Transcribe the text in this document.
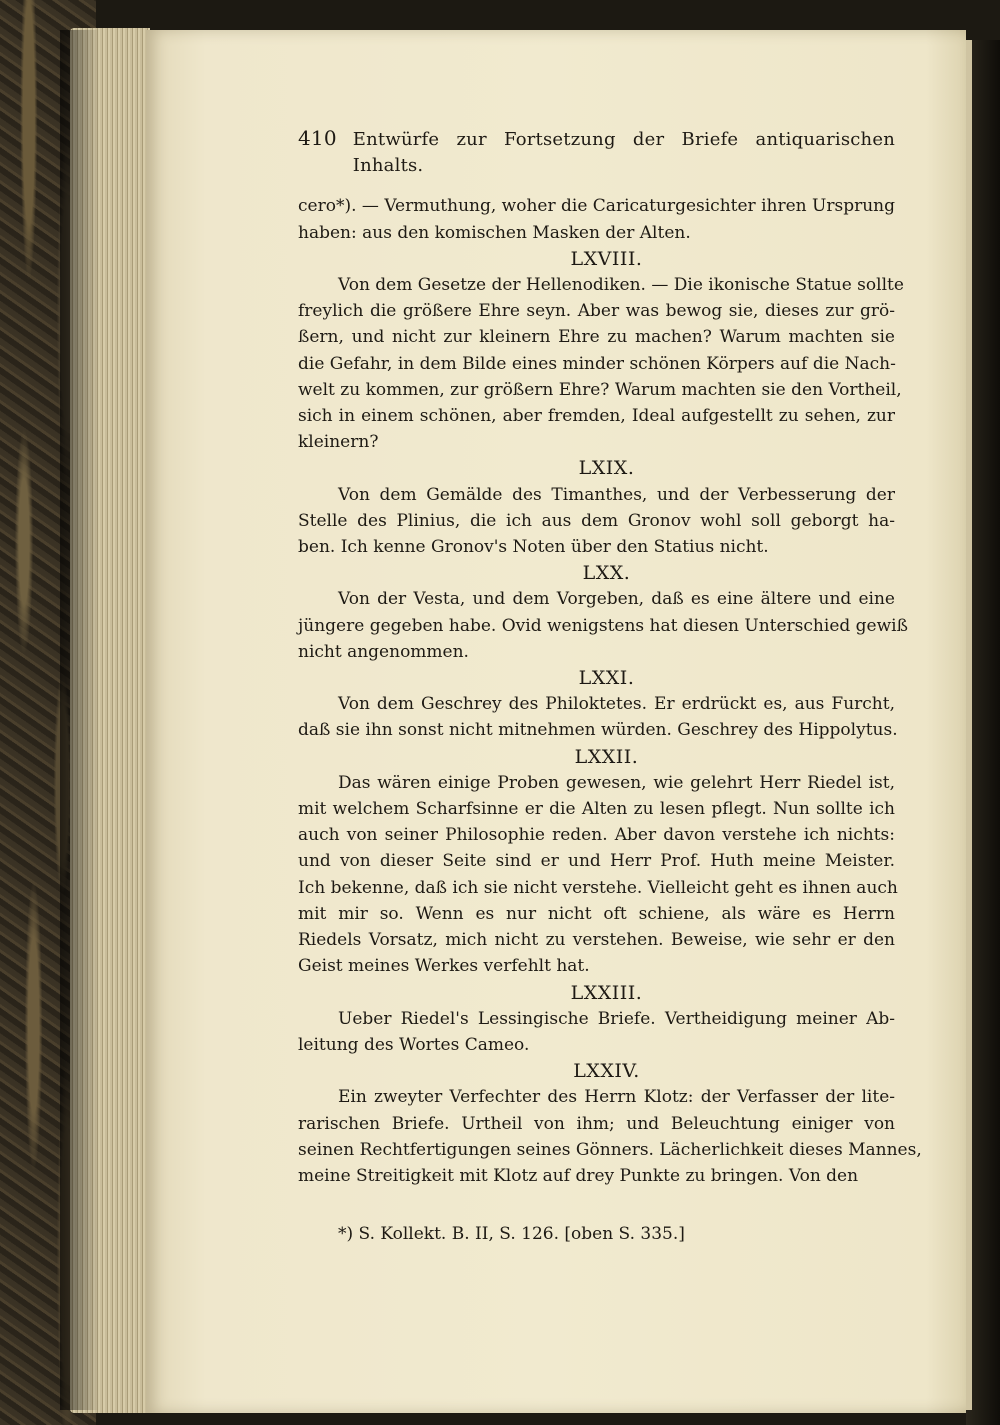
410 Entwürfe zur Fortsetzung der Briefe antiquarischen Inhalts.
cero*). — Vermuthung, woher die Caricaturgesichter ihren Ursprung
haben: aus den komischen Masken der Alten.
LXVIII.
Von dem Gesetze der Hellenodiken. — Die ikonische Statue sollte
freylich die größere Ehre seyn. Aber was bewog sie, dieses zur grö-
ßern, und nicht zur kleinern Ehre zu machen? Warum machten sie
die Gefahr, in dem Bilde eines minder schönen Körpers auf die Nach-
welt zu kommen, zur größern Ehre? Warum machten sie den Vortheil,
sich in einem schönen, aber fremden, Ideal aufgestellt zu sehen, zur
kleinern?
LXIX.
Von dem Gemälde des Timanthes, und der Verbesserung der
Stelle des Plinius, die ich aus dem Gronov wohl soll geborgt ha-
ben. Ich kenne Gronov's Noten über den Statius nicht.
LXX.
Von der Vesta, und dem Vorgeben, daß es eine ältere und eine
jüngere gegeben habe. Ovid wenigstens hat diesen Unterschied gewiß
nicht angenommen.
LXXI.
Von dem Geschrey des Philoktetes. Er erdrückt es, aus Furcht,
daß sie ihn sonst nicht mitnehmen würden. Geschrey des Hippolytus.
LXXII.
Das wären einige Proben gewesen, wie gelehrt Herr Riedel ist,
mit welchem Scharfsinne er die Alten zu lesen pflegt. Nun sollte ich
auch von seiner Philosophie reden. Aber davon verstehe ich nichts:
und von dieser Seite sind er und Herr Prof. Huth meine Meister.
Ich bekenne, daß ich sie nicht verstehe. Vielleicht geht es ihnen auch
mit mir so. Wenn es nur nicht oft schiene, als wäre es Herrn
Riedels Vorsatz, mich nicht zu verstehen. Beweise, wie sehr er den
Geist meines Werkes verfehlt hat.
LXXIII.
Ueber Riedel's Lessingische Briefe. Vertheidigung meiner Ab-
leitung des Wortes Cameo.
LXXIV.
Ein zweyter Verfechter des Herrn Klotz: der Verfasser der lite-
rarischen Briefe. Urtheil von ihm; und Beleuchtung einiger von
seinen Rechtfertigungen seines Gönners. Lächerlichkeit dieses Mannes,
meine Streitigkeit mit Klotz auf drey Punkte zu bringen. Von den
*) S. Kollekt. B. II, S. 126. [oben S. 335.]
